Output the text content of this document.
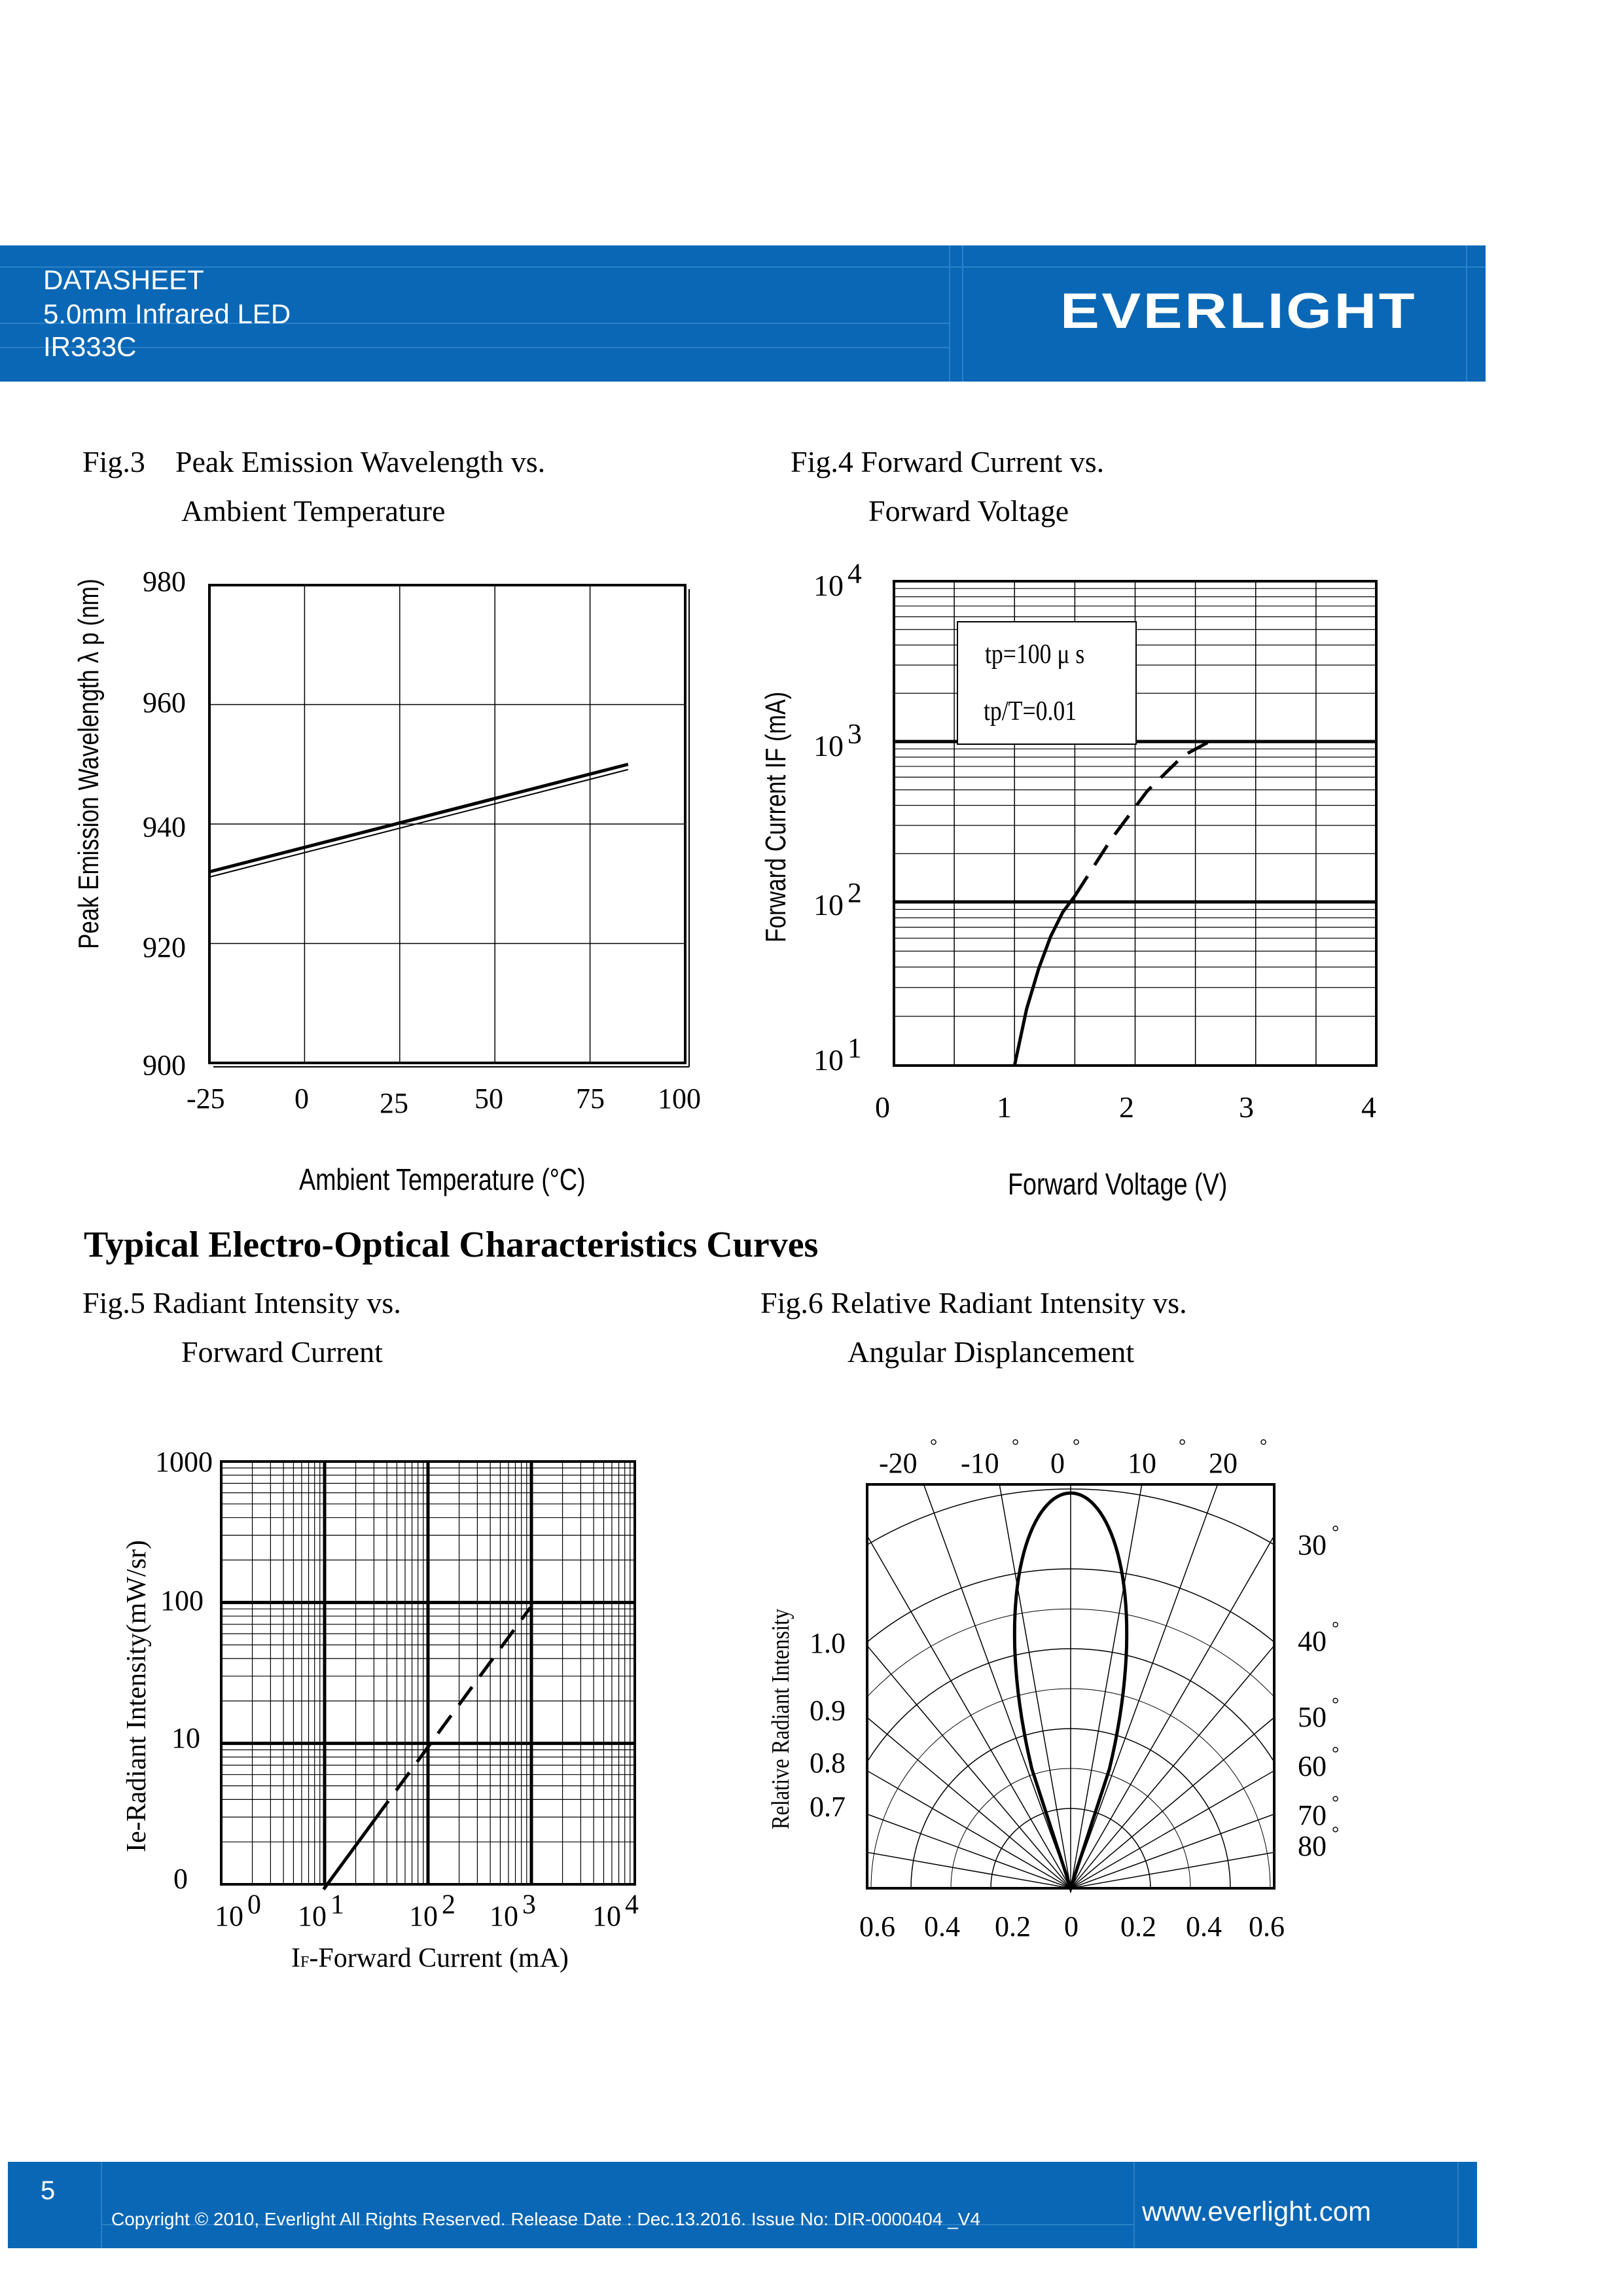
DATASHEET
5.0mm Infrared LED
IR333C
EVERLIGHT
Fig.3    Peak Emission Wavelength vs.
Ambient Temperature
Fig.4 Forward Current vs.
Forward Voltage
Typical Electro-Optical Characteristics Curves
Fig.5 Radiant Intensity vs.
Forward Current
Fig.6 Relative Radiant Intensity vs.
Angular Displancement
980
960
940
920
900
-25 0 25 50	75 100
Peak Emission Wavelength λ p (nm)
Ambient Temperature (°C)
tp=100 μ s
tp/T=0.01
10 4
10 3
10 2
10 1
0	1	2	3	4
Forward Current IF (mA)
Forward Voltage (V)
1000
100
10
0
10 0 10 1 10 2 10 3 10 4
Ie-Radiant Intensity(mW/sr)
IF-Forward Current (mA)
-20
°
-10
°
0
°
10
°
20
°
30 °
40 °
50 °
60 °
70 °
80 °
1.0
0.9
0.8
0.7
0.6 0.4 0.2 0 0.2 0.4 0.6
Relative Radiant Intensity
5
Copyright © 2010, Everlight All Rights Reserved. Release Date : Dec.13.2016. Issue No: DIR-0000404 _V4	www.everlight.com
